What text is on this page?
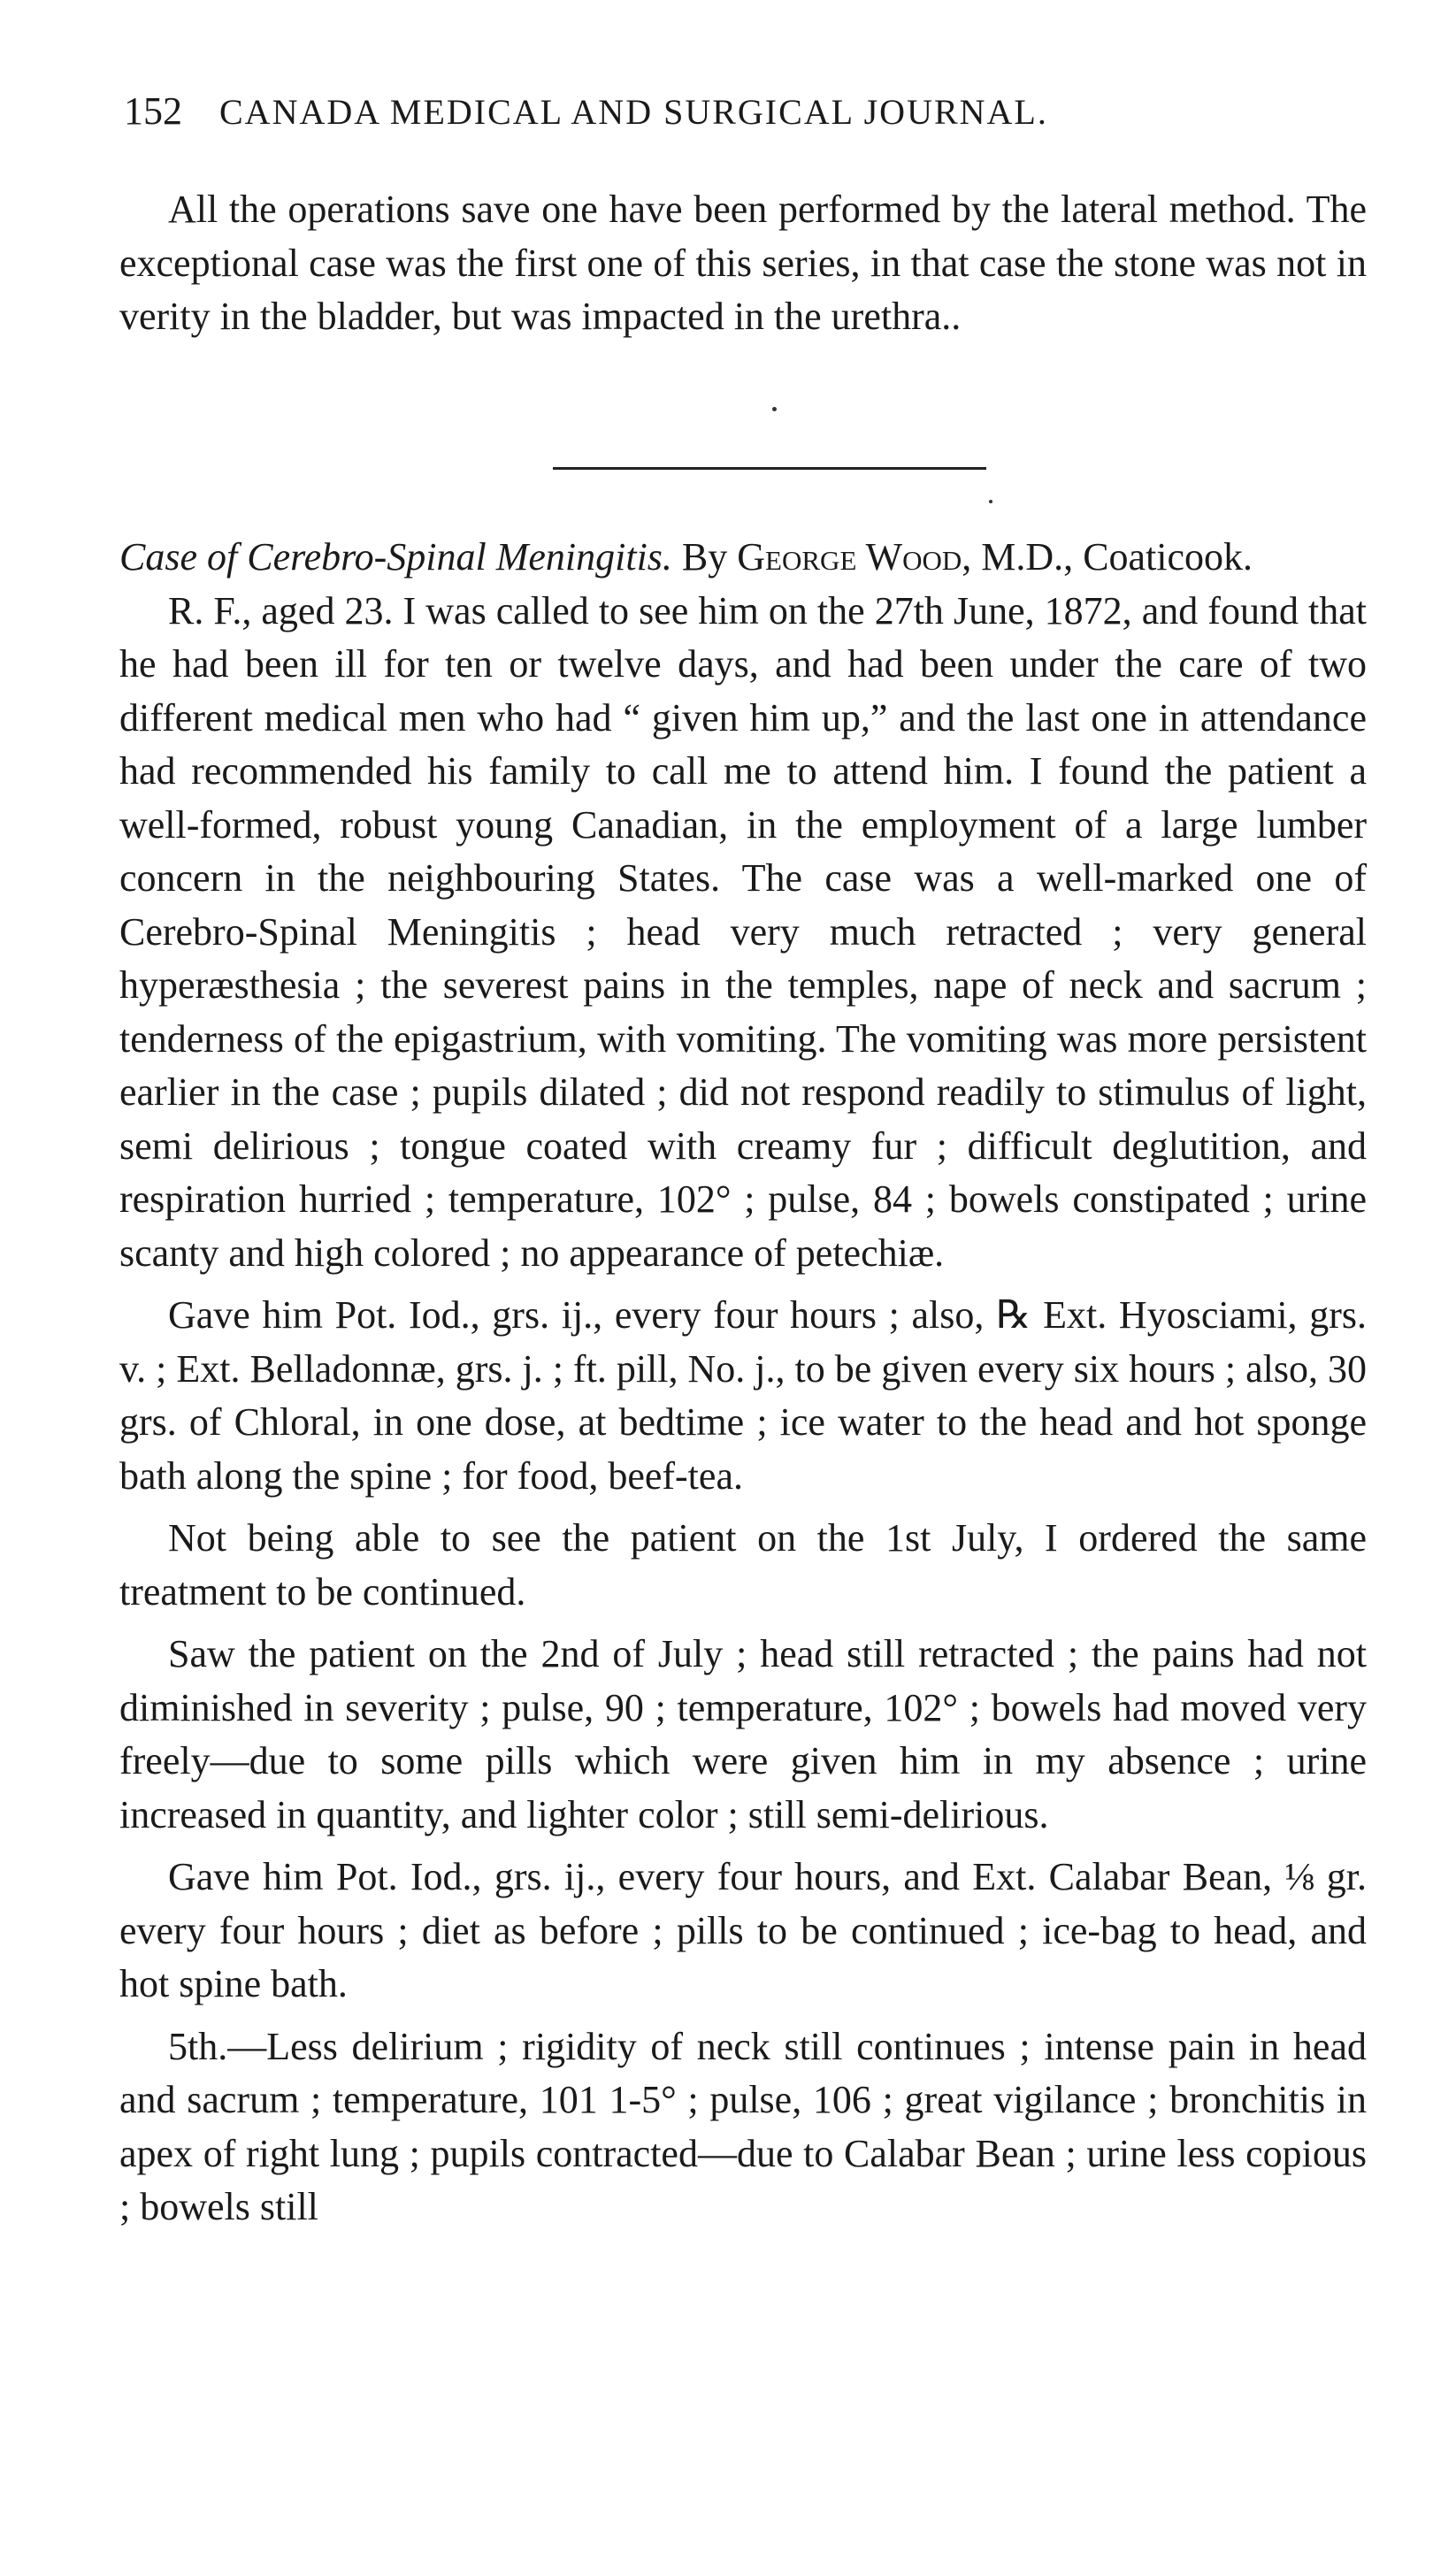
152 CANADA MEDICAL AND SURGICAL JOURNAL.

All the operations save one have been performed by the lateral method. The exceptional case was the first one of this series, in that case the stone was not in verity in the bladder, but was impacted in the urethra..

Case of Cerebro-Spinal Meningitis. By George Wood, M.D., Coaticook.

R. F., aged 23. I was called to see him on the 27th June, 1872, and found that he had been ill for ten or twelve days, and had been under the care of two different medical men who had “ given him up,” and the last one in attendance had recommended his family to call me to attend him. I found the patient a well-formed, robust young Canadian, in the employment of a large lumber concern in the neighbouring States. The case was a well-marked one of Cerebro-Spinal Meningitis ; head very much retracted ; very general hyperæsthesia ; the severest pains in the temples, nape of neck and sacrum ; tenderness of the epigastrium, with vomiting. The vomiting was more persistent earlier in the case ; pupils dilated ; did not respond readily to stimulus of light, semi delirious ; tongue coated with creamy fur ; difficult deglutition, and respiration hurried ; temperature, 102° ; pulse, 84 ; bowels constipated ; urine scanty and high colored ; no appearance of petechiæ.

Gave him Pot. Iod., grs. ij., every four hours ; also, ℞ Ext. Hyosciami, grs. v. ; Ext. Belladonnæ, grs. j. ; ft. pill, No. j., to be given every six hours ; also, 30 grs. of Chloral, in one dose, at bedtime ; ice water to the head and hot sponge bath along the spine ; for food, beef-tea.

Not being able to see the patient on the 1st July, I ordered the same treatment to be continued.

Saw the patient on the 2nd of July ; head still retracted ; the pains had not diminished in severity ; pulse, 90 ; temperature, 102° ; bowels had moved very freely—due to some pills which were given him in my absence ; urine increased in quantity, and lighter color ; still semi-delirious.

Gave him Pot. Iod., grs. ij., every four hours, and Ext. Calabar Bean, ⅛ gr. every four hours ; diet as before ; pills to be continued ; ice-bag to head, and hot spine bath.

5th.—Less delirium ; rigidity of neck still continues ; intense pain in head and sacrum ; temperature, 101 1-5° ; pulse, 106 ; great vigilance ; bronchitis in apex of right lung ; pupils contracted—due to Calabar Bean ; urine less copious ; bowels still
